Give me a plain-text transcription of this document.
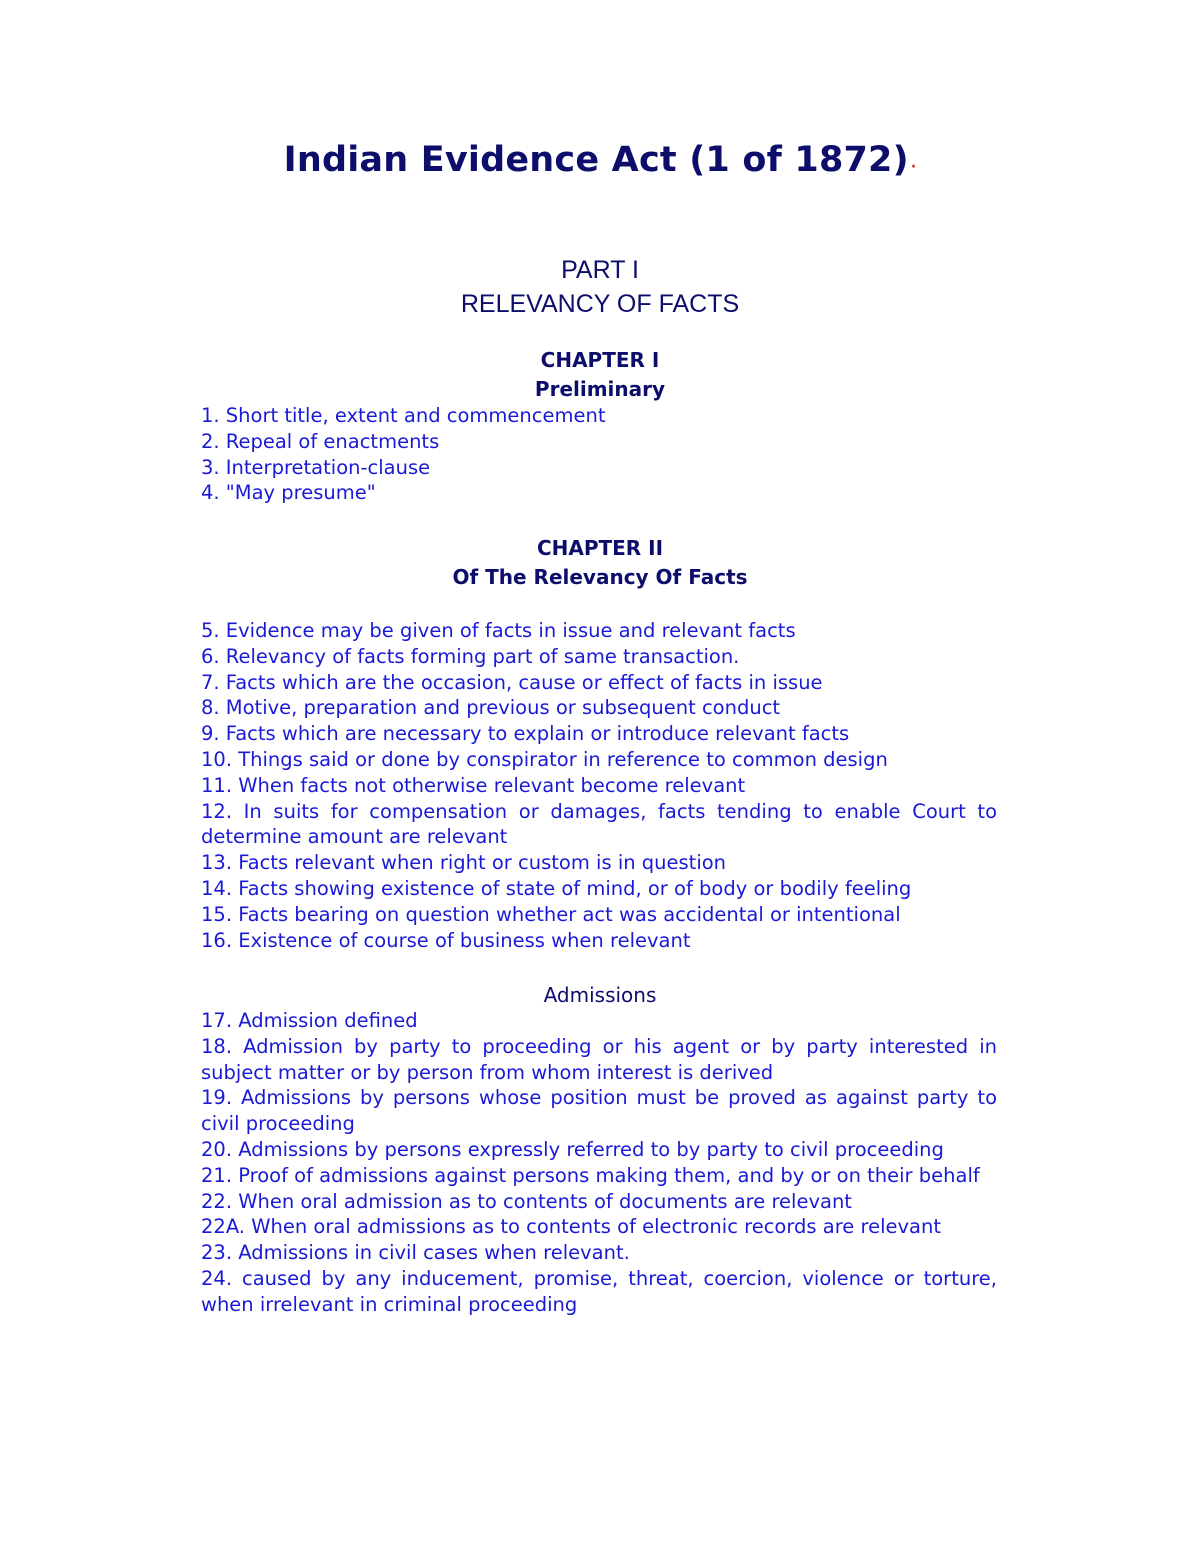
Indian Evidence Act (1 of 1872) ·
PART I
RELEVANCY OF FACTS
CHAPTER I
Preliminary
1. Short title, extent and commencement
2. Repeal of enactments
3. Interpretation-clause
4. "May presume"
CHAPTER II
Of The Relevancy Of Facts
5. Evidence may be given of facts in issue and relevant facts
6. Relevancy of facts forming part of same transaction.
7. Facts which are the occasion, cause or effect of facts in issue
8. Motive, preparation and previous or subsequent conduct
9. Facts which are necessary to explain or introduce relevant facts
10. Things said or done by conspirator in reference to common design
11. When facts not otherwise relevant become relevant
12. In suits for compensation or damages, facts tending to enable Court to determine amount are relevant
13. Facts relevant when right or custom is in question
14. Facts showing existence of state of mind, or of body or bodily feeling
15. Facts bearing on question whether act was accidental or intentional
16. Existence of course of business when relevant
Admissions
17. Admission defined
18. Admission by party to proceeding or his agent or by party interested in subject matter or by person from whom interest is derived
19. Admissions by persons whose position must be proved as against party to civil proceeding
20. Admissions by persons expressly referred to by party to civil proceeding
21. Proof of admissions against persons making them, and by or on their behalf
22. When oral admission as to contents of documents are relevant
22A. When oral admissions as to contents of electronic records are relevant
23. Admissions in civil cases when relevant.
24. caused by any inducement, promise, threat, coercion, violence or torture, when irrelevant in criminal proceeding
